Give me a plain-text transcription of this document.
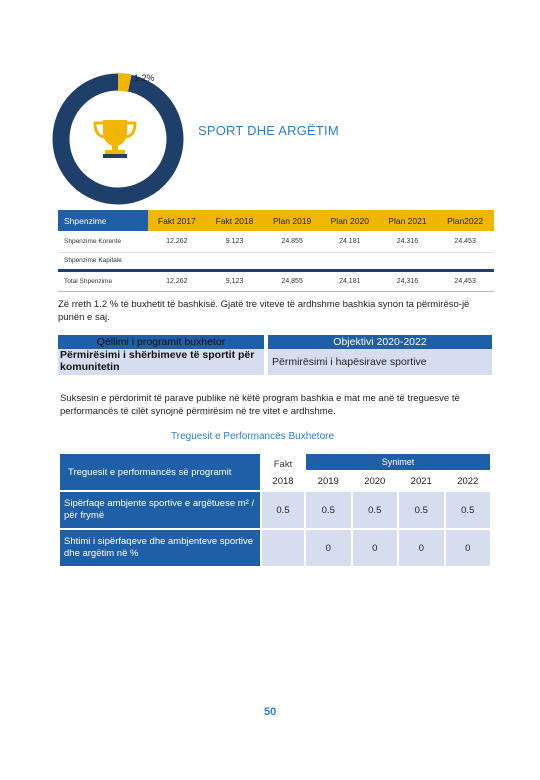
1.2%
SPORT DHE ARGËTIM
Shpenzime	Fakt 2017	Fakt 2018	Plan 2019	Plan 2020	Plan 2021	Plan2022
Shpenzime Korente	12.262	9.123	24.855	24.181	24.316	24.453
Shpenzime Kapitale						
Total Shpenzime	12,262	9,123	24,855	24,181	24,316	24,453
Zë rreth 1.2 % të buxhetit të bashkisë. Gjatë tre viteve të ardhshme bashkia synon ta përmirëso-jë punën e saj.
Qëllimi i programit buxhetor	Objektivi 2020-2022
Përmirësimi i shërbimeve të sportit për komunitetin	Përmirësimi i hapësirave sportive
Suksesin e përdorimit të parave publike në këtë program bashkia e mat me anë të treguesve të performancës të cilët synojnë përmirësim në tre vitet e ardhshme.
Treguesit e Performancës Buxhetore
Treguesit e performancës së programit	Fakt	Synimet			
	2018	2019	2020	2021	2022
Sipërfaqe ambjente sportive e argëtuese m² / për frymë	0.5	0.5	0.5	0.5	0.5
Shtimi i sipërfaqeve dhe ambjenteve sportive dhe argëtim në %		0	0	0	0
50
